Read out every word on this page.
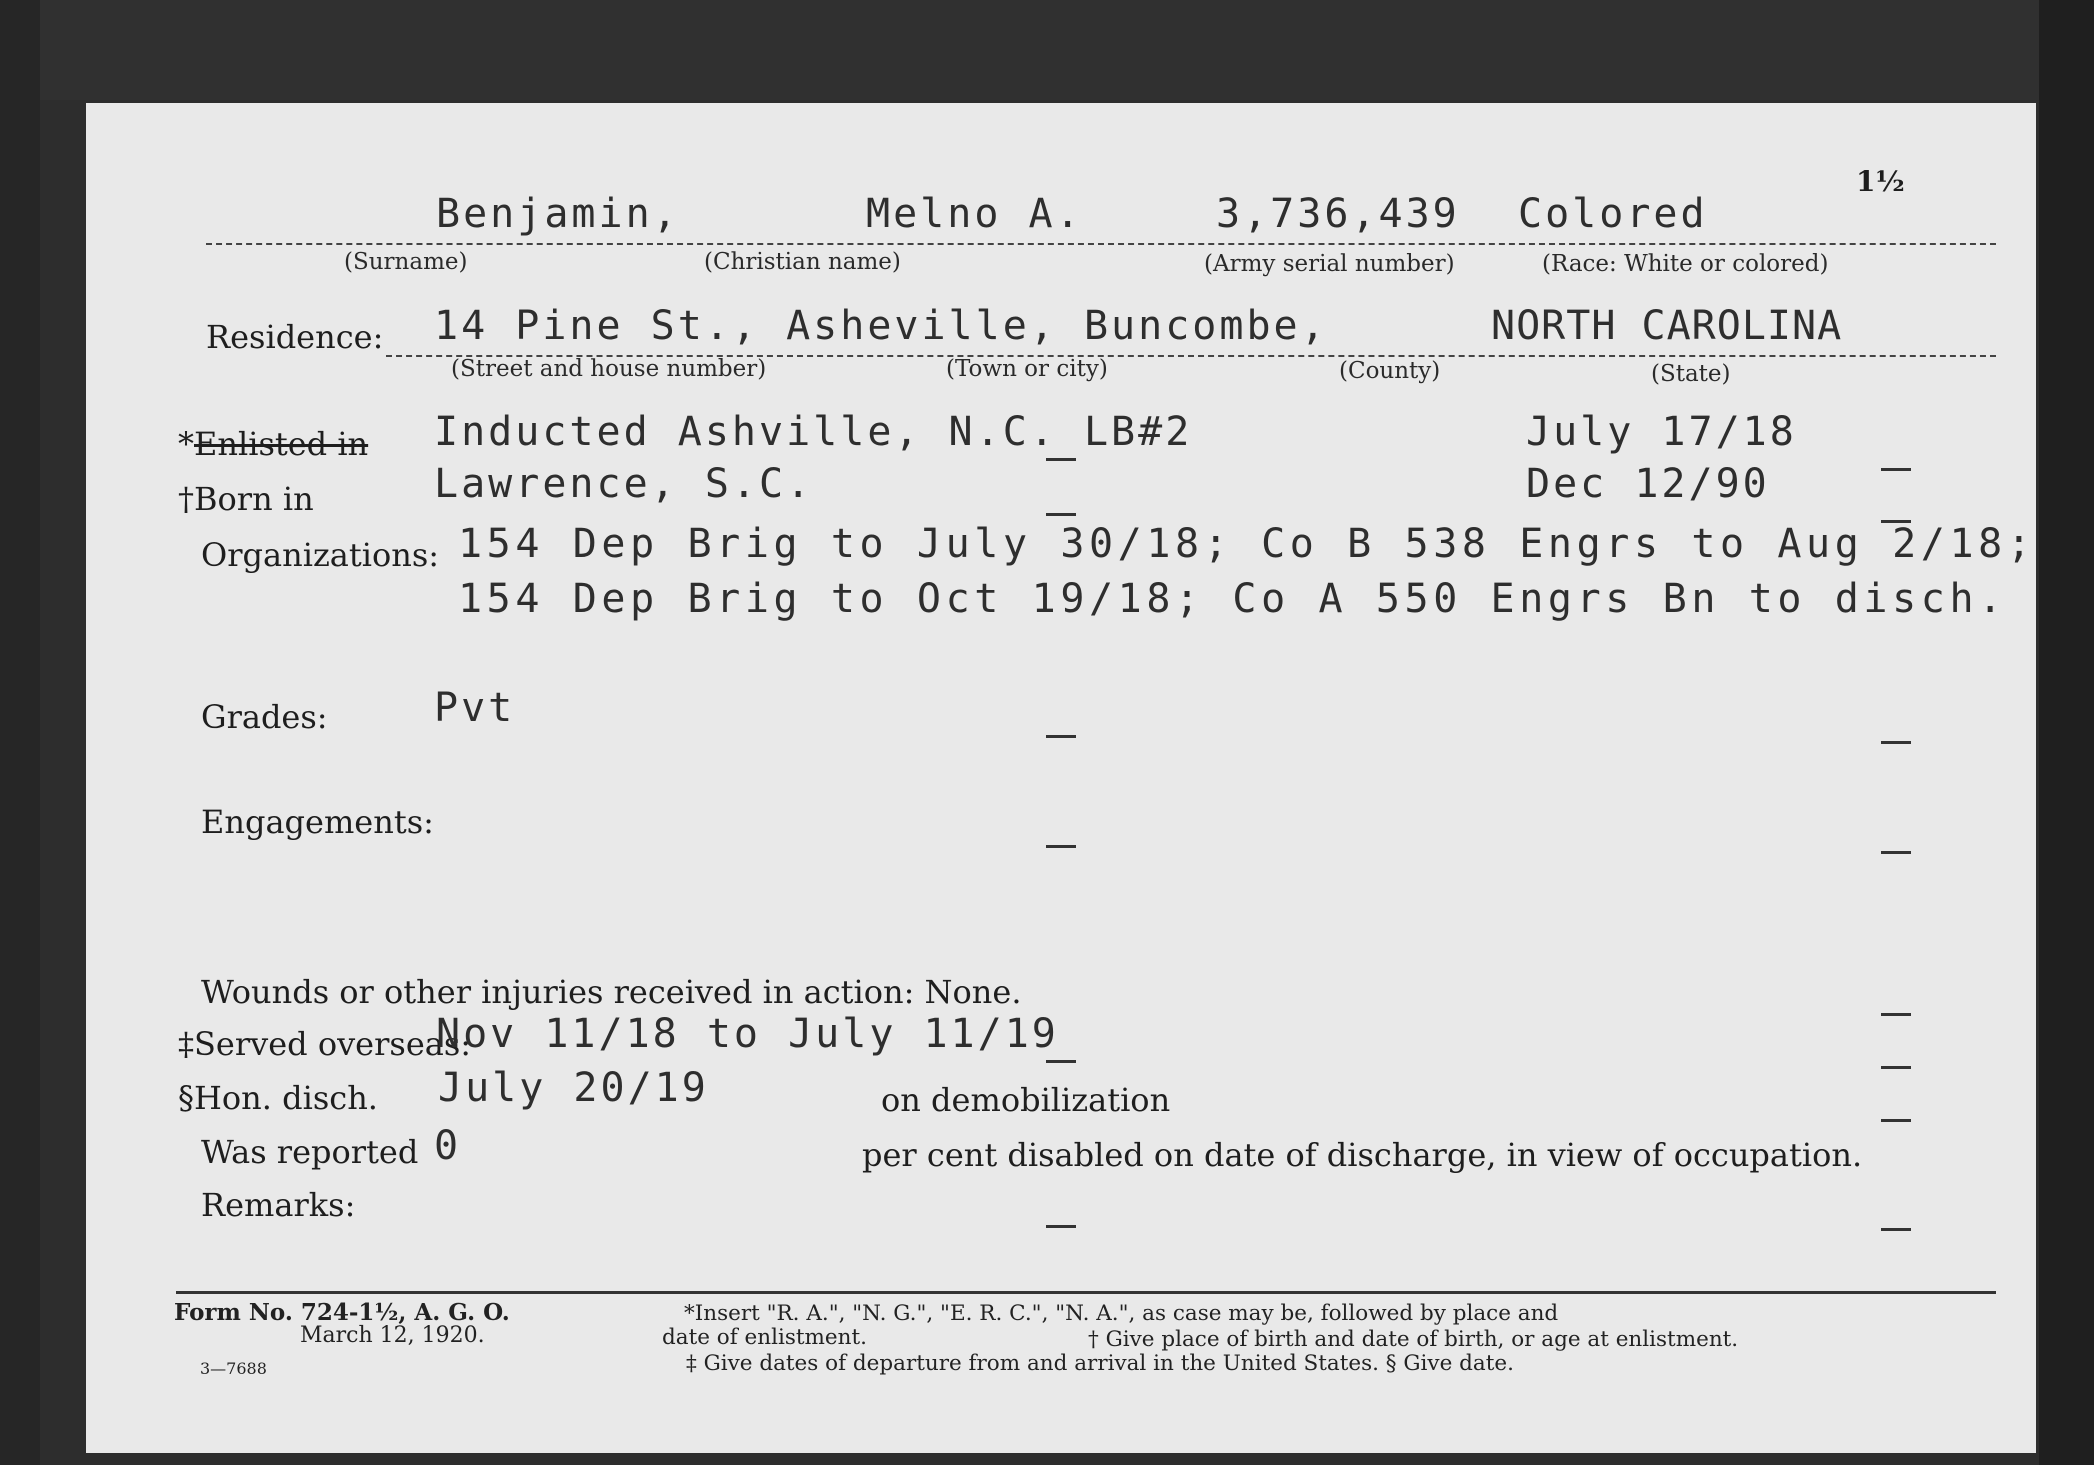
1½
Benjamin,	Melno A.	3,736,439 Colored
(Surname)	(Christian name)	(Army serial number)	(Race: White or colored)
Residence: 14 Pine St., Asheville, Buncombe,	NORTH CAROLINA
(Street and house number)	(Town or city)	(County)	(State)
*Enlisted in Inducted Ashville, N.C. LB#2	July 17/18
†Born in	Lawrence, S.C.	Dec 12/90
Organizations: 154 Dep Brig to July 30/18; Co B 538 Engrs to Aug 2/18;
154 Dep Brig to Oct 19/18; Co A 550 Engrs Bn to disch.
Grades:	Pvt
Engagements:
Wounds or other injuries received in action: None.
‡Served overseas:
Nov 11/18 to July 11/19
§Hon. disch. July 20/19	on demobilization
Was reported 0	per cent disabled on date of discharge, in view of occupation.
Remarks:
Form No. 724-1½, A. G. O.
March 12, 1920.
3—7688
*Insert "R. A.", "N. G.", "E. R. C.", "N. A.", as case may be, followed by place and
date of enlistment.	† Give place of birth and date of birth, or age at enlistment.
‡ Give dates of departure from and arrival in the United States. § Give date.
